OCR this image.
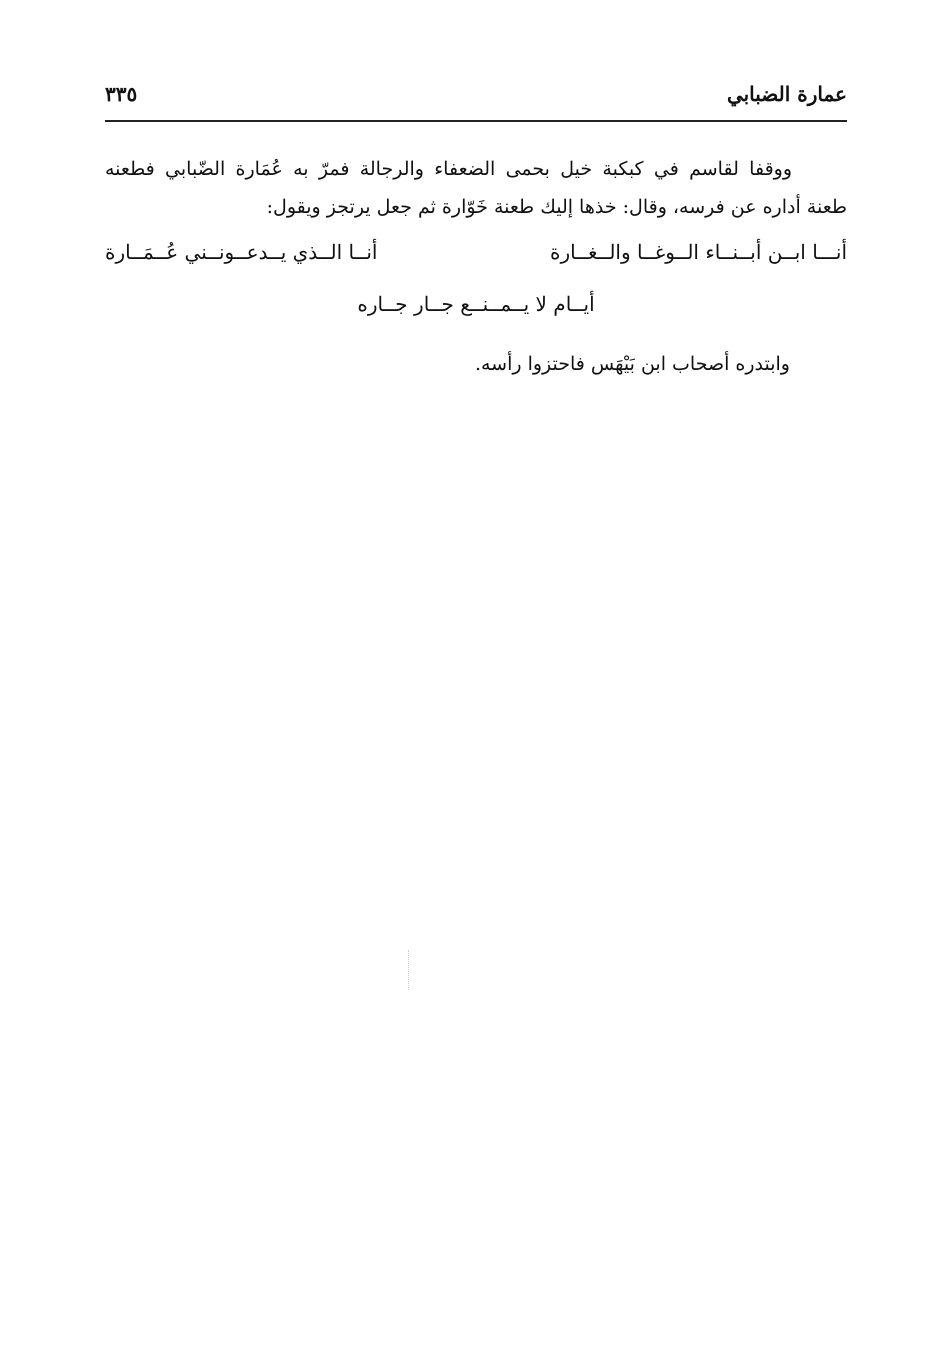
عمارة الضبابي
٣٣٥
ووقفا لقاسم في كبكبة خيل بحمى الضعفاء والرجالة فمرّ به عُمَارة الضّبابي فطعنه
طعنة أداره عن فرسه، وقال: خذها إليك طعنة خَوّارة ثم جعل يرتجز ويقول:
أنـــا ابــن أبــنــاء الــوغــا والــغــارة
أنــا الــذي يــدعــونــني عُــمَــارة
أيــام لا يــمــنــع جــار جــاره
وابتدره أصحاب ابن بَيْهَس فاحتزوا رأسه.
